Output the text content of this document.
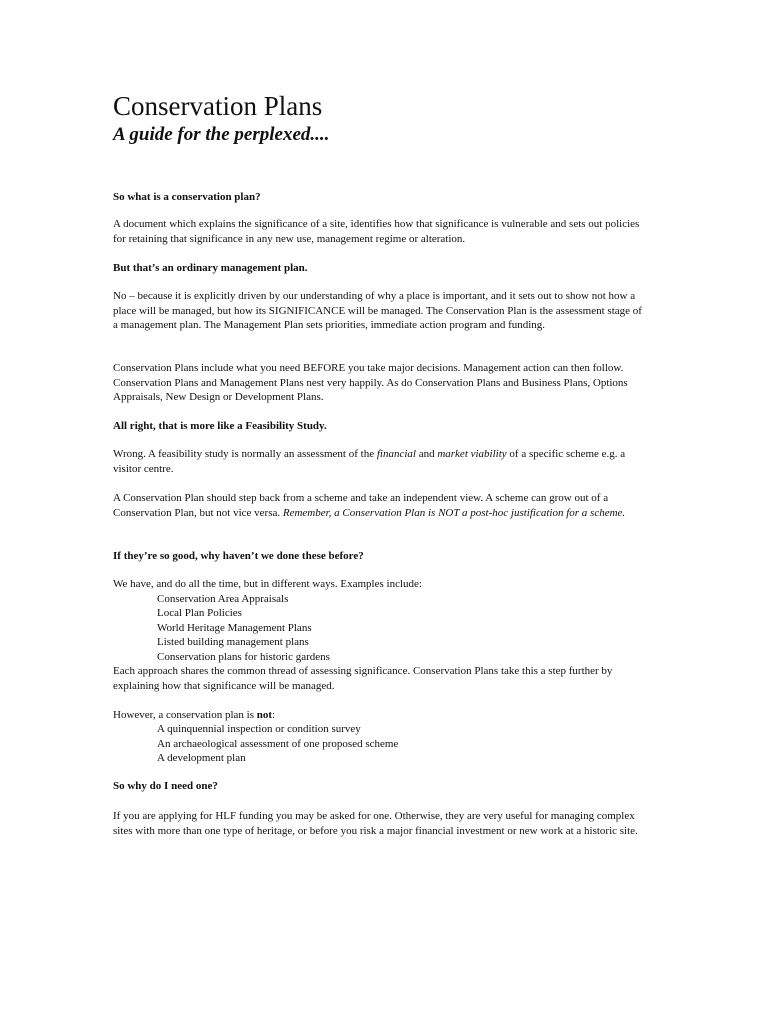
Conservation Plans
A guide for the perplexed....

So what is a conservation plan?

A document which explains the significance of a site, identifies how that significance is vulnerable and sets out policies for retaining that significance in any new use, management regime or alteration.

But that’s an ordinary management plan.

No – because it is explicitly driven by our understanding of why a place is important, and it sets out to show not how a place will be managed, but how its SIGNIFICANCE will be managed. The Conservation Plan is the assessment stage of a management plan. The Management Plan sets priorities, immediate action program and funding.

Conservation Plans include what you need BEFORE you take major decisions. Management action can then follow. Conservation Plans and Management Plans nest very happily. As do Conservation Plans and Business Plans, Options Appraisals, New Design or Development Plans.

All right, that is more like a Feasibility Study.

Wrong. A feasibility study is normally an assessment of the financial and market viability of a specific scheme e.g. a visitor centre.

A Conservation Plan should step back from a scheme and take an independent view. A scheme can grow out of a Conservation Plan, but not vice versa. Remember, a Conservation Plan is NOT a post-hoc justification for a scheme.

If they’re so good, why haven’t we done these before?

We have, and do all the time, but in different ways. Examples include:

Conservation Area Appraisals
Local Plan Policies
World Heritage Management Plans
Listed building management plans
Conservation plans for historic gardens

Each approach shares the common thread of assessing significance. Conservation Plans take this a step further by explaining how that significance will be managed.

However, a conservation plan is not:

A quinquennial inspection or condition survey
An archaeological assessment of one proposed scheme
A development plan

So why do I need one?

If you are applying for HLF funding you may be asked for one. Otherwise, they are very useful for managing complex sites with more than one type of heritage, or before you risk a major financial investment or new work at a historic site.
